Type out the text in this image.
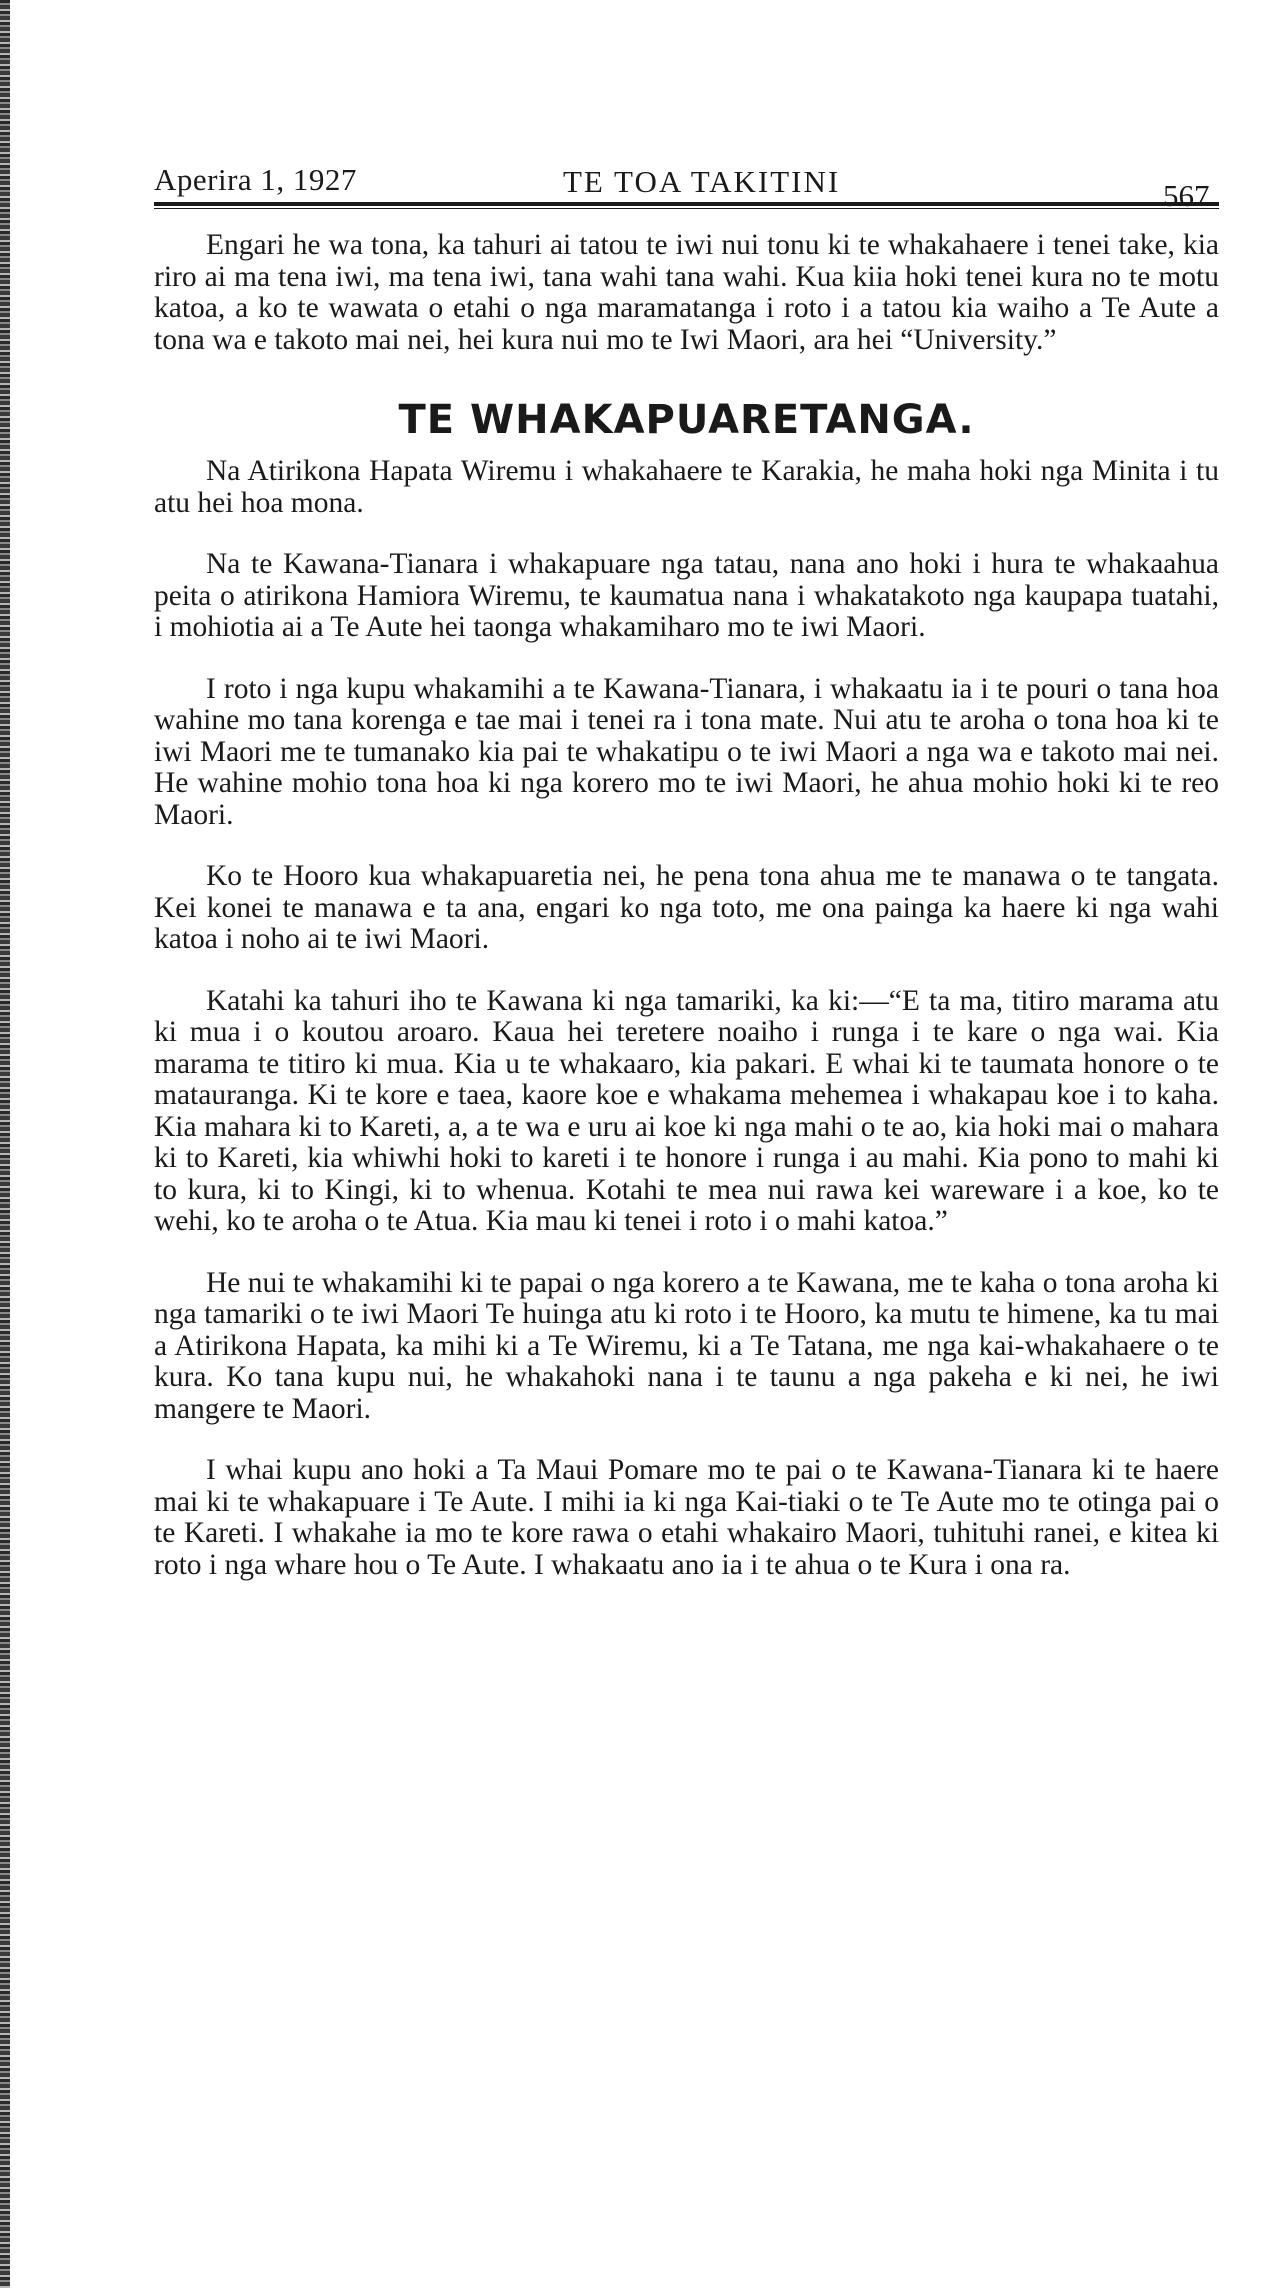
Aperira 1, 1927	TE TOA TAKITINI	567

Engari he wa tona, ka tahuri ai tatou te iwi nui tonu ki te whakahaere i tenei take, kia riro ai ma tena iwi, ma tena iwi, tana wahi tana wahi. Kua kiia hoki tenei kura no te motu katoa, a ko te wawata o etahi o nga maramatanga i roto i a tatou kia waiho a Te Aute a tona wa e takoto mai nei, hei kura nui mo te Iwi Maori, ara hei “University.”

TE WHAKAPUARETANGA.

Na Atirikona Hapata Wiremu i whakahaere te Karakia, he maha hoki nga Minita i tu atu hei hoa mona.

Na te Kawana-Tianara i whakapuare nga tatau, nana ano hoki i hura te whakaahua peita o atirikona Hamiora Wiremu, te kaumatua nana i whakatakoto nga kaupapa tuatahi, i mohiotia ai a Te Aute hei taonga whakamiharo mo te iwi Maori.

I roto i nga kupu whakamihi a te Kawana-Tianara, i whakaatu ia i te pouri o tana hoa wahine mo tana korenga e tae mai i tenei ra i tona mate. Nui atu te aroha o tona hoa ki te iwi Maori me te tumanako kia pai te whakatipu o te iwi Maori a nga wa e takoto mai nei. He wahine mohio tona hoa ki nga korero mo te iwi Maori, he ahua mohio hoki ki te reo Maori.

Ko te Hooro kua whakapuaretia nei, he pena tona ahua me te manawa o te tangata. Kei konei te manawa e ta ana, engari ko nga toto, me ona painga ka haere ki nga wahi katoa i noho ai te iwi Maori.

Katahi ka tahuri iho te Kawana ki nga tamariki, ka ki:—“E ta ma, titiro marama atu ki mua i o koutou aroaro. Kaua hei teretere noaiho i runga i te kare o nga wai. Kia marama te titiro ki mua. Kia u te whakaaro, kia pakari. E whai ki te taumata honore o te matauranga. Ki te kore e taea, kaore koe e whakama mehemea i whakapau koe i to kaha. Kia mahara ki to Kareti, a, a te wa e uru ai koe ki nga mahi o te ao, kia hoki mai o mahara ki to Kareti, kia whiwhi hoki to kareti i te honore i runga i au mahi. Kia pono to mahi ki to kura, ki to Kingi, ki to whenua. Kotahi te mea nui rawa kei wareware i a koe, ko te wehi, ko te aroha o te Atua. Kia mau ki tenei i roto i o mahi katoa.”

He nui te whakamihi ki te papai o nga korero a te Kawana, me te kaha o tona aroha ki nga tamariki o te iwi Maori Te huinga atu ki roto i te Hooro, ka mutu te himene, ka tu mai a Atirikona Hapata, ka mihi ki a Te Wiremu, ki a Te Tatana, me nga kai-whakahaere o te kura. Ko tana kupu nui, he whakahoki nana i te taunu a nga pakeha e ki nei, he iwi mangere te Maori.

I whai kupu ano hoki a Ta Maui Pomare mo te pai o te Kawana-Tianara ki te haere mai ki te whakapuare i Te Aute. I mihi ia ki nga Kai-tiaki o te Te Aute mo te otinga pai o te Kareti. I whakahe ia mo te kore rawa o etahi whakairo Maori, tuhituhi ranei, e kitea ki roto i nga whare hou o Te Aute. I whakaatu ano ia i te ahua o te Kura i ona ra.
